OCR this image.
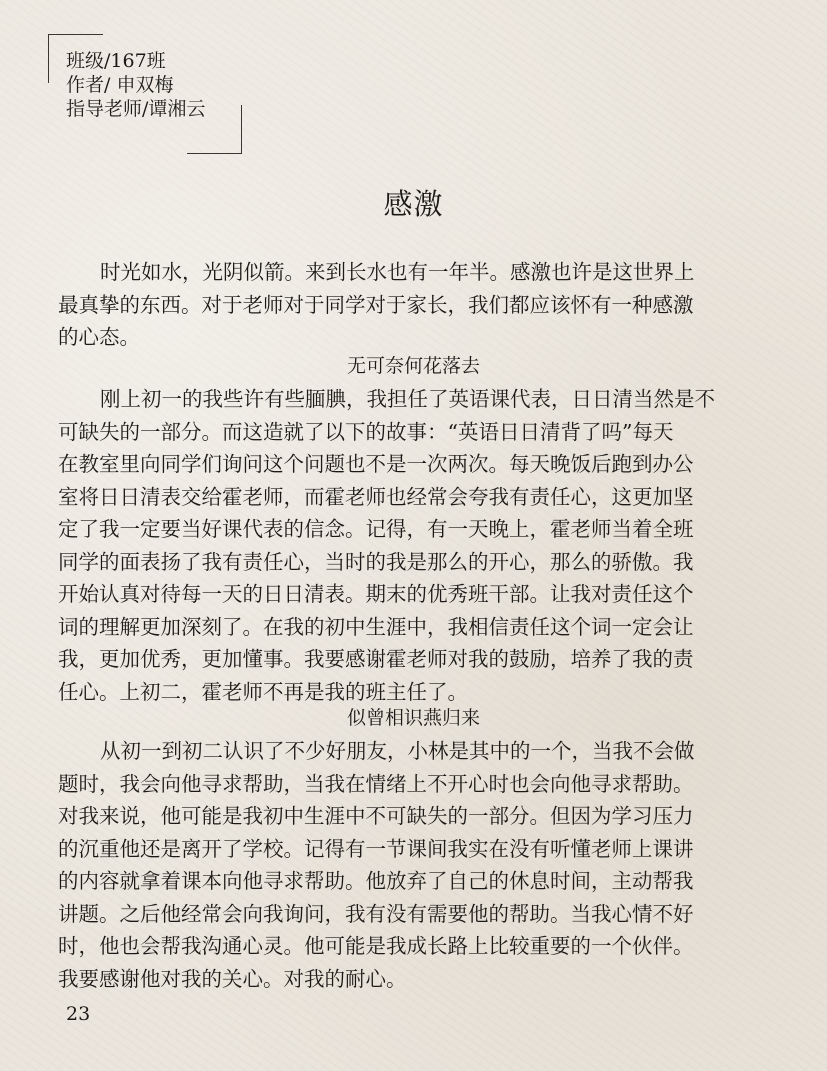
班级/167班
作者/ 申双梅
指导老师/谭湘云
感激
时光如水，光阴似箭。来到长水也有一年半。感激也许是这世界上
最真挚的东西。对于老师对于同学对于家长，我们都应该怀有一种感激
的心态。
无可奈何花落去
刚上初一的我些许有些腼腆，我担任了英语课代表，日日清当然是不
可缺失的一部分。而这造就了以下的故事：“英语日日清背了吗”每天
在教室里向同学们询问这个问题也不是一次两次。每天晚饭后跑到办公
室将日日清表交给霍老师，而霍老师也经常会夸我有责任心，这更加坚
定了我一定要当好课代表的信念。记得，有一天晚上，霍老师当着全班
同学的面表扬了我有责任心，当时的我是那么的开心，那么的骄傲。我
开始认真对待每一天的日日清表。期末的优秀班干部。让我对责任这个
词的理解更加深刻了。在我的初中生涯中，我相信责任这个词一定会让
我，更加优秀，更加懂事。我要感谢霍老师对我的鼓励，培养了我的责
任心。上初二，霍老师不再是我的班主任了。
似曾相识燕归来
从初一到初二认识了不少好朋友，小林是其中的一个，当我不会做
题时，我会向他寻求帮助，当我在情绪上不开心时也会向他寻求帮助。
对我来说，他可能是我初中生涯中不可缺失的一部分。但因为学习压力
的沉重他还是离开了学校。记得有一节课间我实在没有听懂老师上课讲
的内容就拿着课本向他寻求帮助。他放弃了自己的休息时间，主动帮我
讲题。之后他经常会向我询问，我有没有需要他的帮助。当我心情不好
时，他也会帮我沟通心灵。他可能是我成长路上比较重要的一个伙伴。
我要感谢他对我的关心。对我的耐心。
23
